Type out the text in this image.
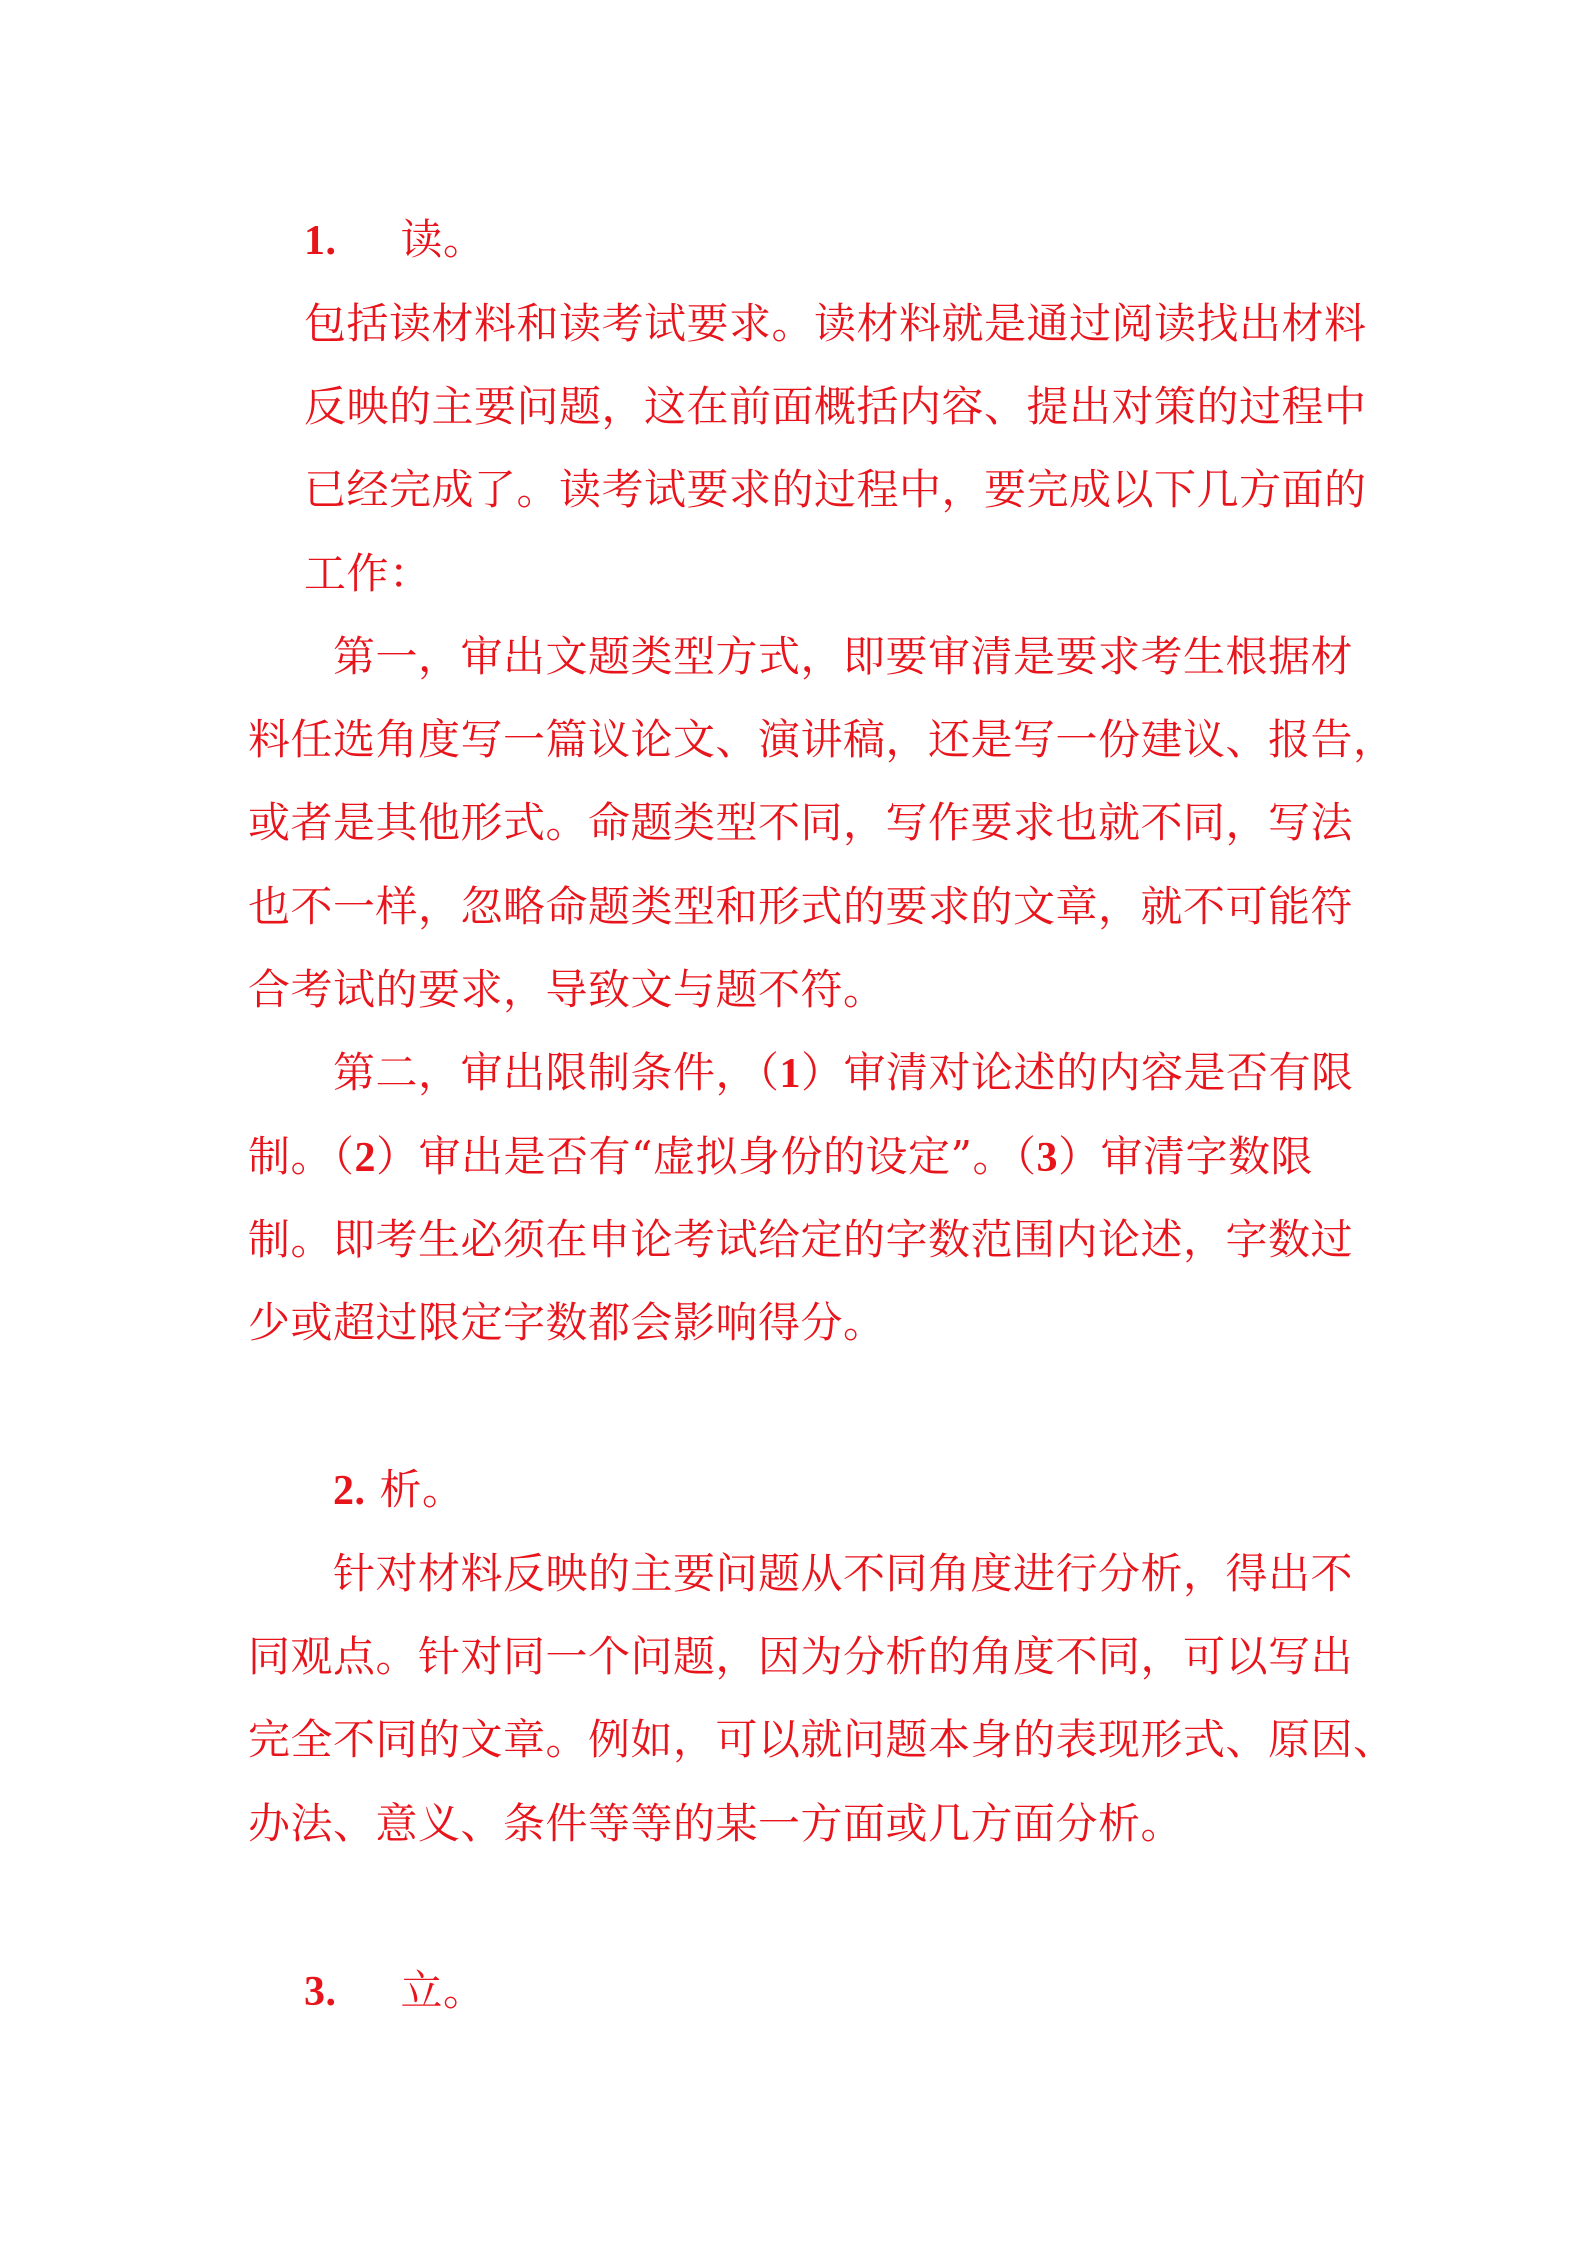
1. 读。
包括读材料和读考试要求。读材料就是通过阅读找出材料
反映的主要问题，这在前面概括内容、提出对策的过程中
已经完成了。读考试要求的过程中，要完成以下几方面的
工作：
第一，审出文题类型方式，即要审清是要求考生根据材
料任选角度写一篇议论文、演讲稿，还是写一份建议、报告，
或者是其他形式。命题类型不同，写作要求也就不同，写法
也不一样，忽略命题类型和形式的要求的文章，就不可能符
合考试的要求，导致文与题不符。
第二，审出限制条件，（1）审清对论述的内容是否有限
制。（2）审出是否有“虚拟身份的设定”。（3）审清字数限
制。即考生必须在申论考试给定的字数范围内论述，字数过
少或超过限定字数都会影响得分。
2. 析。
针对材料反映的主要问题从不同角度进行分析，得出不
同观点。针对同一个问题，因为分析的角度不同，可以写出
完全不同的文章。例如，可以就问题本身的表现形式、原因、
办法、意义、条件等等的某一方面或几方面分析。
3. 立。
